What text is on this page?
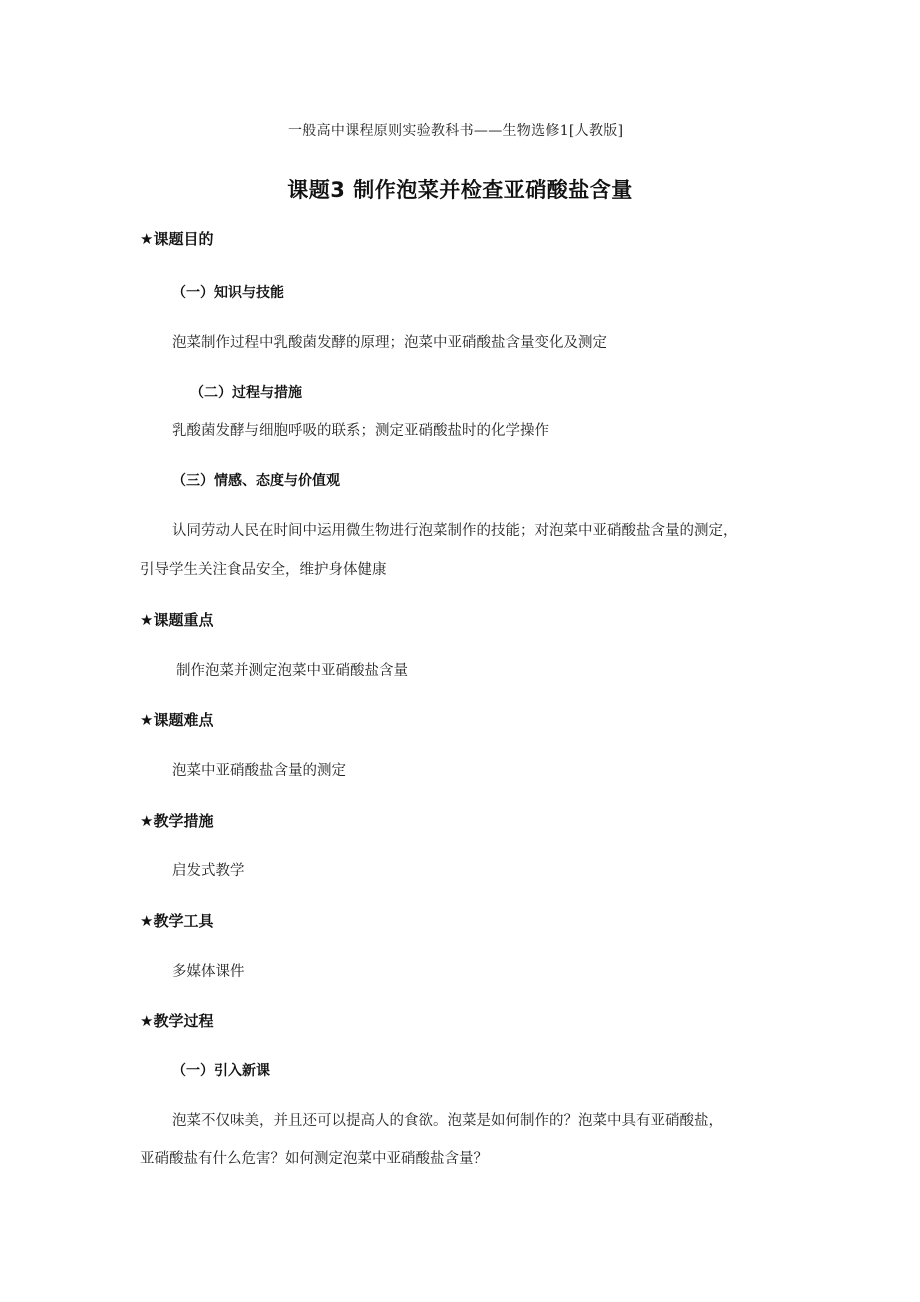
一般高中课程原则实验教科书——生物选修1[人教版]
课题3 制作泡菜并检查亚硝酸盐含量
★课题目的
（一）知识与技能
泡菜制作过程中乳酸菌发酵的原理；泡菜中亚硝酸盐含量变化及测定
（二）过程与措施
乳酸菌发酵与细胞呼吸的联系；测定亚硝酸盐时的化学操作
（三）情感、态度与价值观
认同劳动人民在时间中运用微生物进行泡菜制作的技能；对泡菜中亚硝酸盐含量的测定，
引导学生关注食品安全，维护身体健康
★课题重点
制作泡菜并测定泡菜中亚硝酸盐含量
★课题难点
泡菜中亚硝酸盐含量的测定
★教学措施
启发式教学
★教学工具
多媒体课件
★教学过程
（一）引入新课
泡菜不仅味美，并且还可以提高人的食欲。泡菜是如何制作的？泡菜中具有亚硝酸盐，
亚硝酸盐有什么危害？如何测定泡菜中亚硝酸盐含量？
